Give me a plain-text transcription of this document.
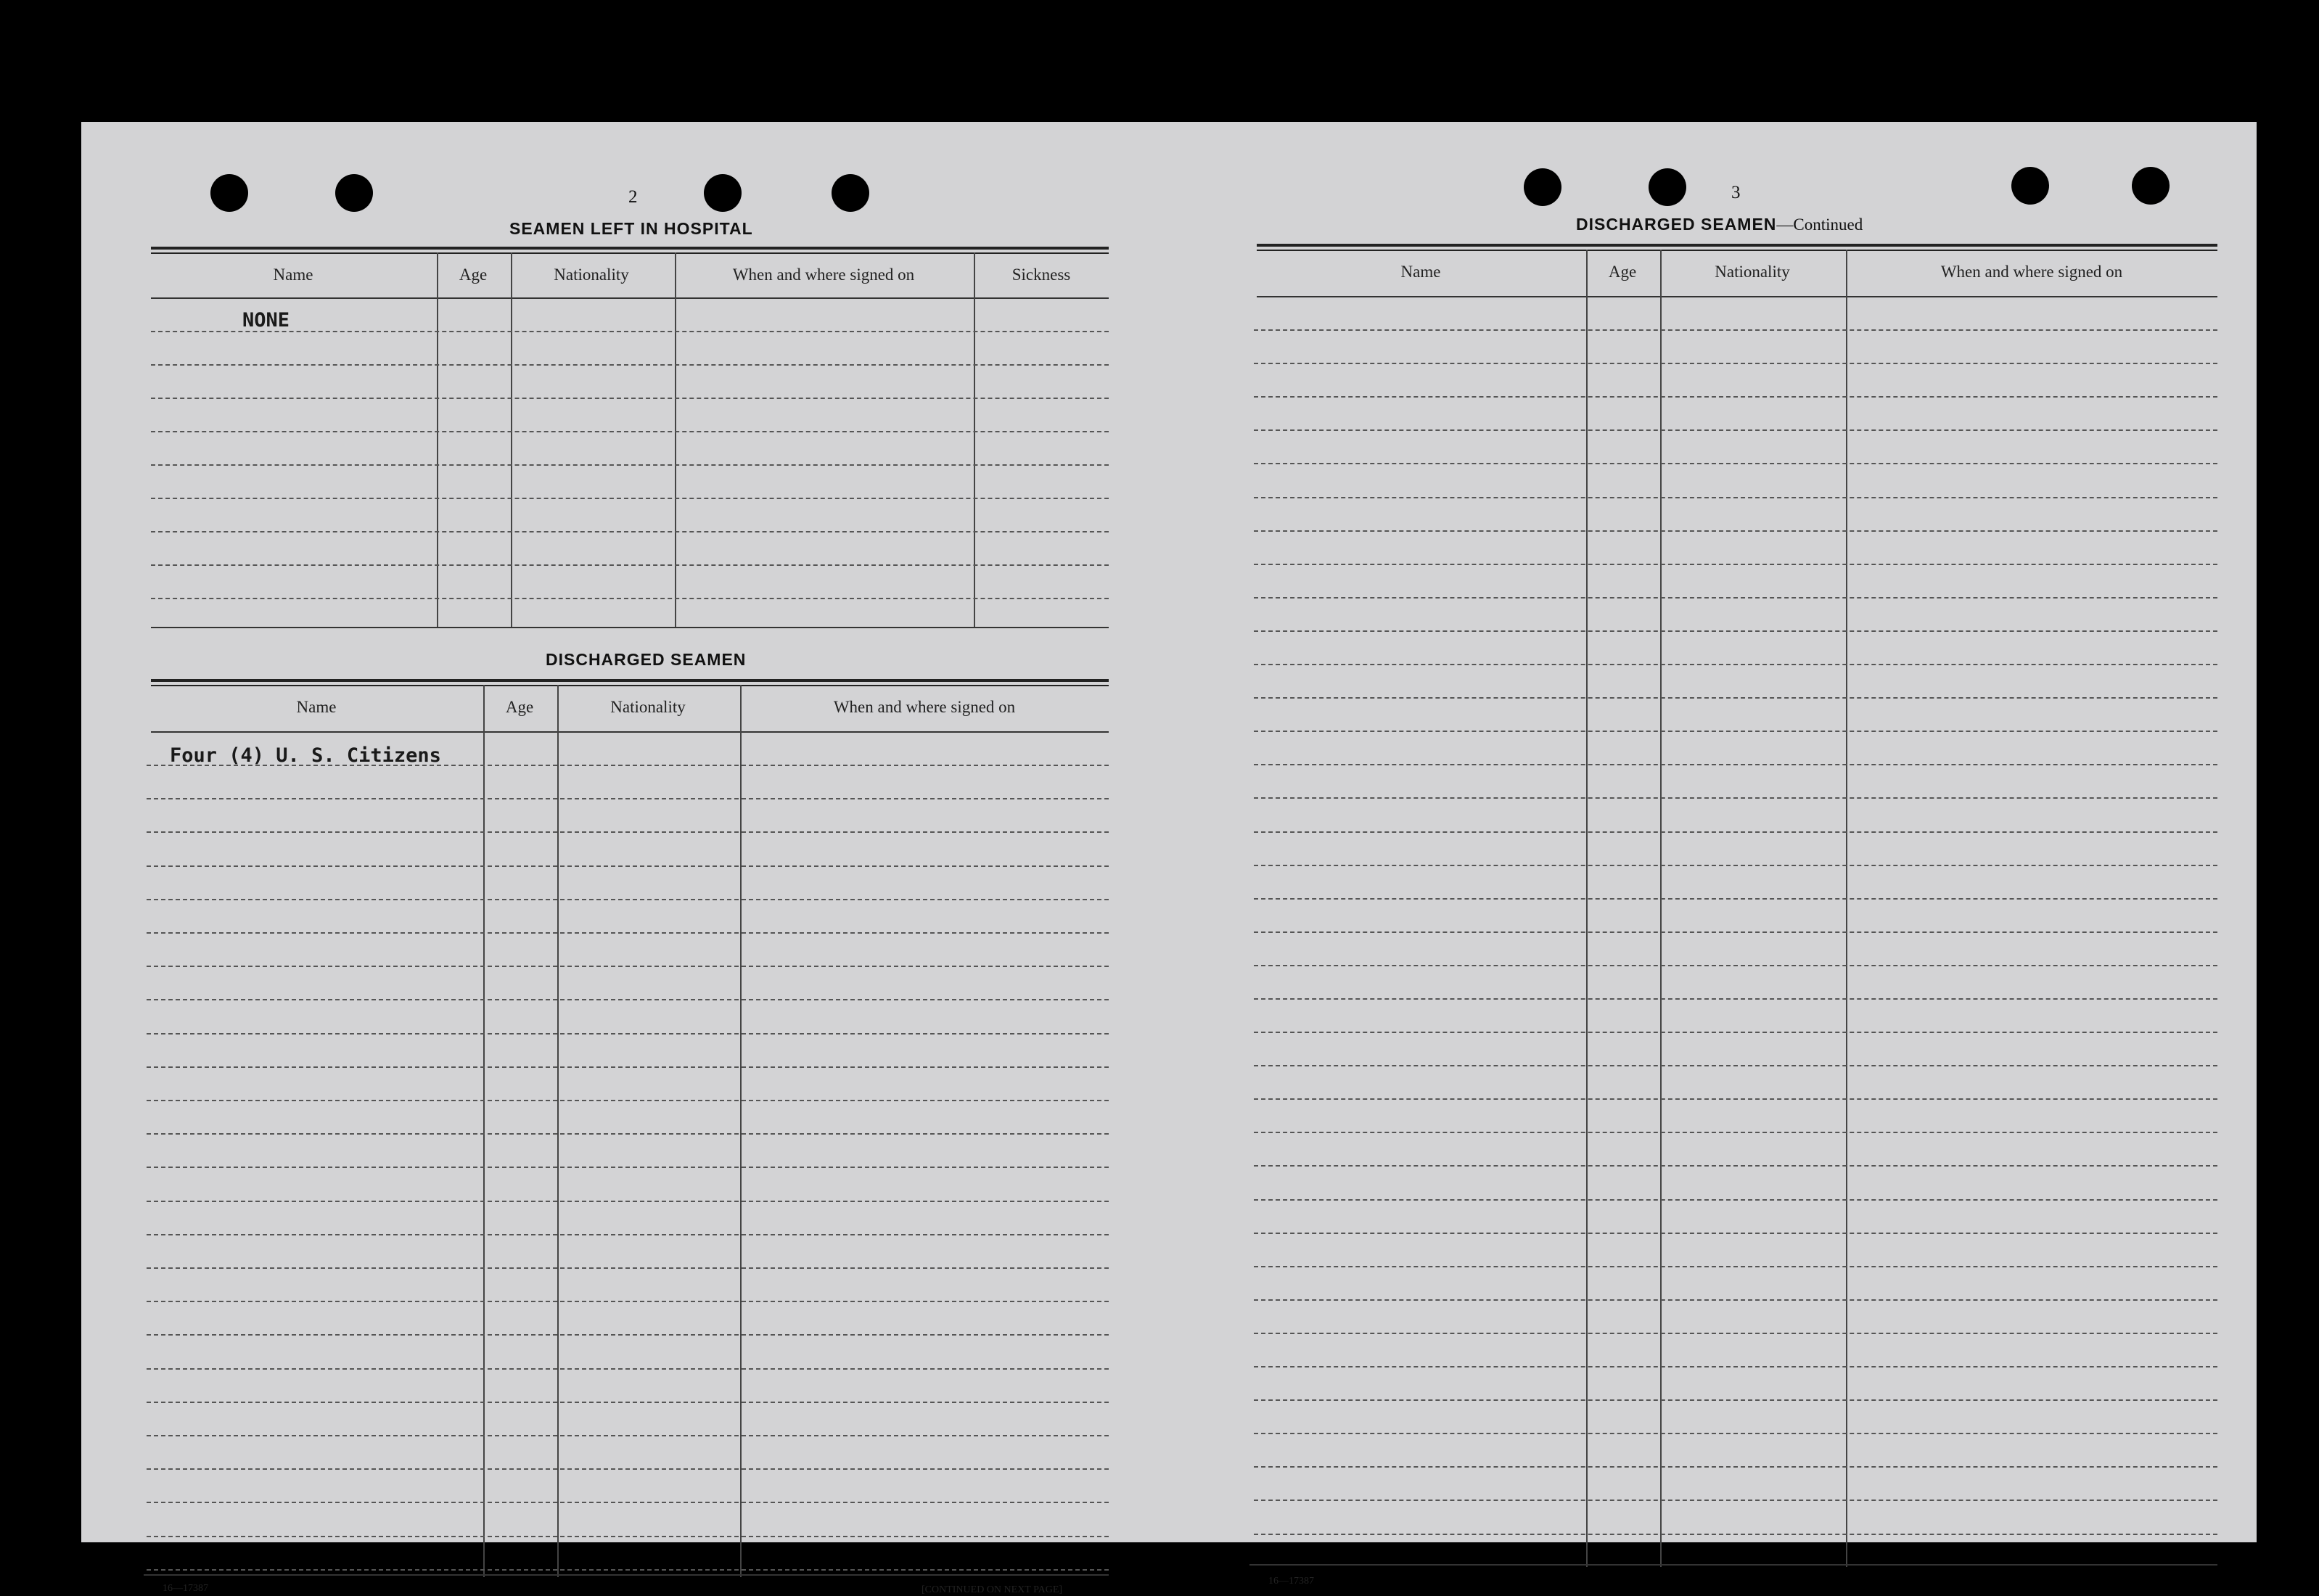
2
SEAMEN LEFT IN HOSPITAL
Name	Age	Nationality	When and where signed on	Sickness
NONE
DISCHARGED SEAMEN
Name	Age	Nationality	When and where signed on
Four (4) U. S. Citizens
16—17387	[CONTINUED ON NEXT PAGE]
3
DISCHARGED SEAMEN—Continued
Name	Age	Nationality	When and where signed on
16—17387
